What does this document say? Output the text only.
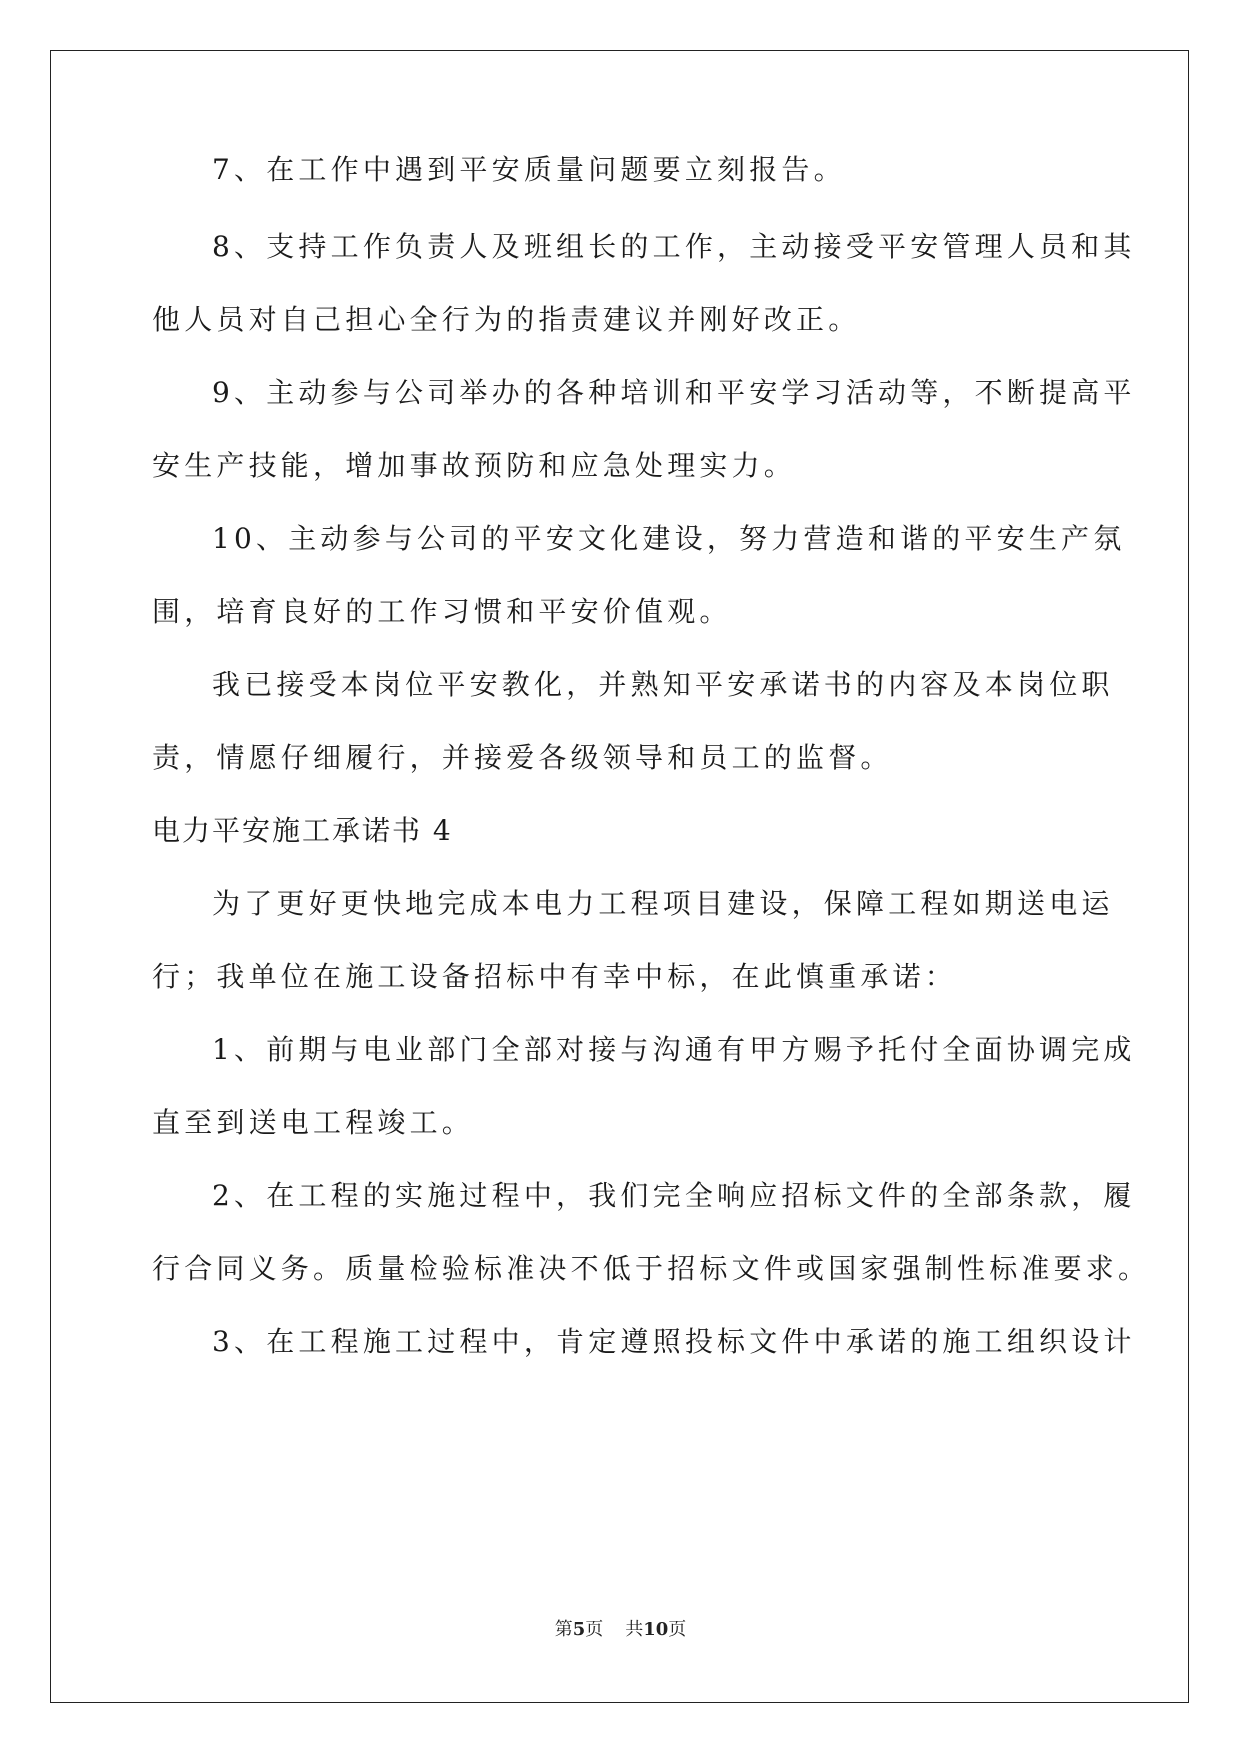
7、在工作中遇到平安质量问题要立刻报告。
8、支持工作负责人及班组长的工作，主动接受平安管理人员和其
他人员对自己担心全行为的指责建议并刚好改正。
9、主动参与公司举办的各种培训和平安学习活动等，不断提高平
安生产技能，增加事故预防和应急处理实力。
10、主动参与公司的平安文化建设，努力营造和谐的平安生产氛
围，培育良好的工作习惯和平安价值观。
我已接受本岗位平安教化，并熟知平安承诺书的内容及本岗位职
责，情愿仔细履行，并接爱各级领导和员工的监督。
电力平安施工承诺书 4
为了更好更快地完成本电力工程项目建设，保障工程如期送电运
行；我单位在施工设备招标中有幸中标，在此慎重承诺：
1、前期与电业部门全部对接与沟通有甲方赐予托付全面协调完成
直至到送电工程竣工。
2、在工程的实施过程中，我们完全响应招标文件的全部条款，履
行合同义务。质量检验标准决不低于招标文件或国家强制性标准要求。
3、在工程施工过程中，肯定遵照投标文件中承诺的施工组织设计
第5页 共10页
